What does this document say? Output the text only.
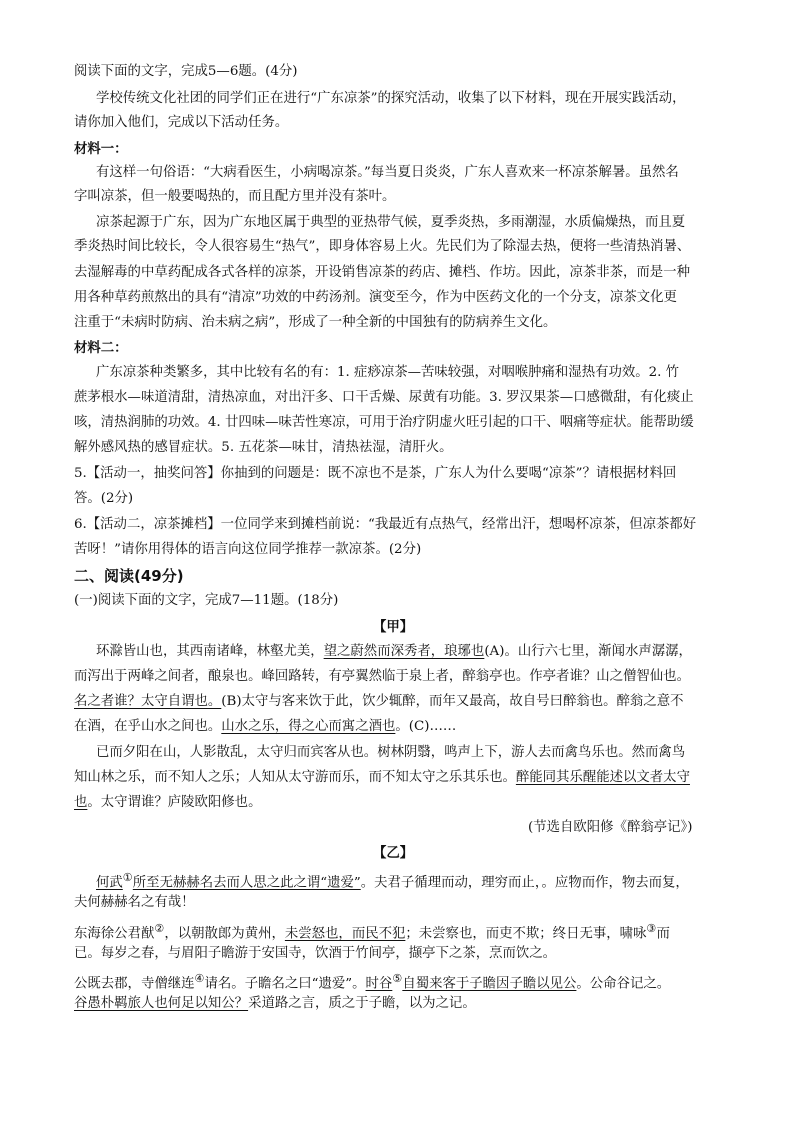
阅读下面的文字，完成5—6题。(4分)
学校传统文化社团的同学们正在进行“广东凉茶”的探究活动，收集了以下材料，现在开展实践活动，
请你加入他们，完成以下活动任务。
材料一：
有这样一句俗语：“大病看医生，小病喝凉茶。”每当夏日炎炎，广东人喜欢来一杯凉茶解暑。虽然名
字叫凉茶，但一般要喝热的，而且配方里并没有茶叶。
凉茶起源于广东，因为广东地区属于典型的亚热带气候，夏季炎热，多雨潮湿，水质偏燥热，而且夏
季炎热时间比较长，令人很容易生“热气”，即身体容易上火。先民们为了除湿去热，便将一些清热消暑、
去湿解毒的中草药配成各式各样的凉茶，开设销售凉茶的药店、摊档、作坊。因此，凉茶非茶，而是一种
用各种草药煎熬出的具有“清凉”功效的中药汤剂。演变至今，作为中医药文化的一个分支，凉茶文化更
注重于“未病时防病、治未病之病”，形成了一种全新的中国独有的防病养生文化。
材料二：
广东凉茶种类繁多，其中比较有名的有：1. 症痧凉茶—苦味较强，对咽喉肿痛和湿热有功效。2. 竹
蔗茅根水—味道清甜，清热凉血，对出汗多、口干舌燥、尿黄有功能。3. 罗汉果茶—口感微甜，有化痰止
咳，清热润肺的功效。4. 廿四味—味苦性寒凉，可用于治疗阴虚火旺引起的口干、咽痛等症状。能帮助缓
解外感风热的感冒症状。5. 五花茶—味甘，清热祛湿，清肝火。
5.【活动一，抽奖问答】你抽到的问题是：既不凉也不是茶，广东人为什么要喝“凉茶”？请根据材料回
答。(2分)
6.【活动二，凉茶摊档】一位同学来到摊档前说：“我最近有点热气，经常出汗，想喝杯凉茶，但凉茶都好
苦呀！”请你用得体的语言向这位同学推荐一款凉茶。(2分)
二、阅读(49分)
(一)阅读下面的文字，完成7—11题。(18分)
【甲】
环滁皆山也，其西南诸峰，林壑尤美，望之蔚然而深秀者，琅琊也(A)。山行六七里，渐闻水声潺潺，
而泻出于两峰之间者，酿泉也。峰回路转，有亭翼然临于泉上者，醉翁亭也。作亭者谁？山之僧智仙也。
名之者谁？太守自谓也。(B)太守与客来饮于此，饮少辄醉，而年又最高，故自号曰醉翁也。醉翁之意不
在酒，在乎山水之间也。山水之乐，得之心而寓之酒也。(C)……
已而夕阳在山，人影散乱，太守归而宾客从也。树林阴翳，鸣声上下，游人去而禽鸟乐也。然而禽鸟
知山林之乐，而不知人之乐；人知从太守游而乐，而不知太守之乐其乐也。醉能同其乐醒能述以文者太守
也。太守谓谁？庐陵欧阳修也。
(节选自欧阳修《醉翁亭记》)
【乙】
何武①所至无赫赫名去而人思之此之谓“遗爱”。夫君子循理而动，理穷而止，。应物而作，物去而复，
夫何赫赫名之有哉！
东海徐公君猷②，以朝散郎为黄州，未尝怒也，而民不犯；未尝察也，而吏不欺；终日无事，啸咏③而
已。每岁之春，与眉阳子瞻游于安国寺，饮酒于竹间亭，撷亭下之茶，烹而饮之。
公既去郡，寺僧继连④请名。子瞻名之曰“遗爱”。时谷⑤自蜀来客于子瞻因子瞻以见公。公命谷记之。
谷愚朴羁旅人也何足以知公？采道路之言，质之于子瞻，以为之记。
